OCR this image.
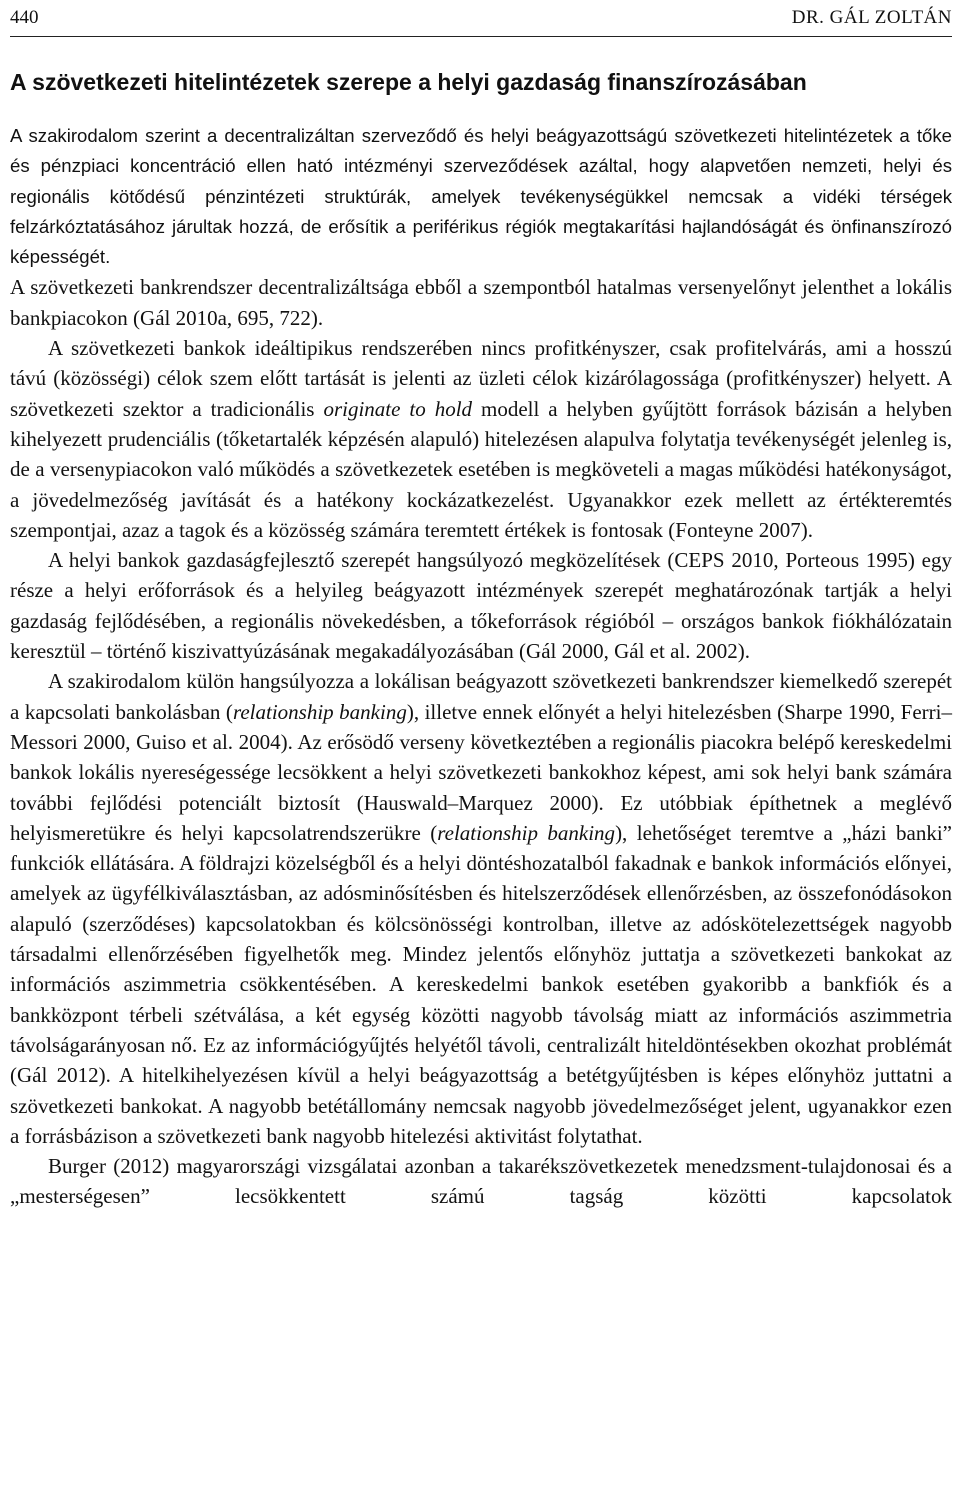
440	DR. GÁL ZOLTÁN
A szövetkezeti hitelintézetek szerepe a helyi gazdaság finanszírozásában

A szakirodalom szerint a decentralizáltan szerveződő és helyi beágyazottságú szövetkezeti hitelintézetek a tőke és pénzpiaci koncentráció ellen ható intézményi szerveződések azáltal, hogy alapvetően nemzeti, helyi és regionális kötődésű pénzintézeti struktúrák, amelyek tevékenységükkel nemcsak a vidéki térségek felzárkóztatásához járultak hozzá, de erősítik a periférikus régiók megtakarítási hajlandóságát és önfinanszírozó képességét.

A szövetkezeti bankrendszer decentralizáltsága ebből a szempontból hatalmas versenyelőnyt jelenthet a lokális bankpiacokon (Gál 2010a, 695, 722).

A szövetkezeti bankok ideáltipikus rendszerében nincs profitkényszer, csak profitelvárás, ami a hosszú távú (közösségi) célok szem előtt tartását is jelenti az üzleti célok kizárólagossága (profitkényszer) helyett. A szövetkezeti szektor a tradicionális originate to hold modell a helyben gyűjtött források bázisán a helyben kihelyezett prudenciális (tőketartalék képzésén alapuló) hitelezésen alapulva folytatja tevékenységét jelenleg is, de a versenypiacokon való működés a szövetkezetek esetében is megköveteli a magas működési hatékonyságot, a jövedelmezőség javítását és a hatékony kockázatkezelést. Ugyanakkor ezek mellett az értékteremtés szempontjai, azaz a tagok és a közösség számára teremtett értékek is fontosak (Fonteyne 2007).

A helyi bankok gazdaságfejlesztő szerepét hangsúlyozó megközelítések (CEPS 2010, Porteous 1995) egy része a helyi erőforrások és a helyileg beágyazott intézmények szerepét meghatározónak tartják a helyi gazdaság fejlődésében, a regionális növekedésben, a tőkeforrások régióból – országos bankok fiókhálózatain keresztül – történő kiszivattyúzásának megakadályozásában (Gál 2000, Gál et al. 2002).

A szakirodalom külön hangsúlyozza a lokálisan beágyazott szövetkezeti bankrendszer kiemelkedő szerepét a kapcsolati bankolásban (relationship banking), illetve ennek előnyét a helyi hitelezésben (Sharpe 1990, Ferri–Messori 2000, Guiso et al. 2004). Az erősödő verseny következtében a regionális piacokra belépő kereskedelmi bankok lokális nyereségessége lecsökkent a helyi szövetkezeti bankokhoz képest, ami sok helyi bank számára további fejlődési potenciált biztosít (Hauswald–Marquez 2000). Ez utóbbiak építhetnek a meglévő helyismeretükre és helyi kapcsolatrendszerükre (relationship banking), lehetőséget teremtve a „házi banki” funkciók ellátására. A földrajzi közelségből és a helyi döntéshozatalból fakadnak e bankok információs előnyei, amelyek az ügyfélkiválasztásban, az adósminősítésben és hitelszerződések ellenőrzésben, az összefonódásokon alapuló (szerződéses) kapcsolatokban és kölcsönösségi kontrolban, illetve az adóskötelezettségek nagyobb társadalmi ellenőrzésében figyelhetők meg. Mindez jelentős előnyhöz juttatja a szövetkezeti bankokat az információs aszimmetria csökkentésében. A kereskedelmi bankok esetében gyakoribb a bankfiók és a bankközpont térbeli szétválása, a két egység közötti nagyobb távolság miatt az információs aszimmetria távolságarányosan nő. Ez az információgyűjtés helyétől távoli, centralizált hiteldöntésekben okozhat problémát (Gál 2012). A hitelkihelyezésen kívül a helyi beágyazottság a betétgyűjtésben is képes előnyhöz juttatni a szövetkezeti bankokat. A nagyobb betétállomány nemcsak nagyobb jövedelmezőséget jelent, ugyanakkor ezen a forrásbázison a szövetkezeti bank nagyobb hitelezési aktivitást folytathat.

Burger (2012) magyarországi vizsgálatai azonban a takarékszövetkezetek menedzsment-tulajdonosai és a „mesterségesen” lecsökkentett számú tagság közötti kapcsolatok
